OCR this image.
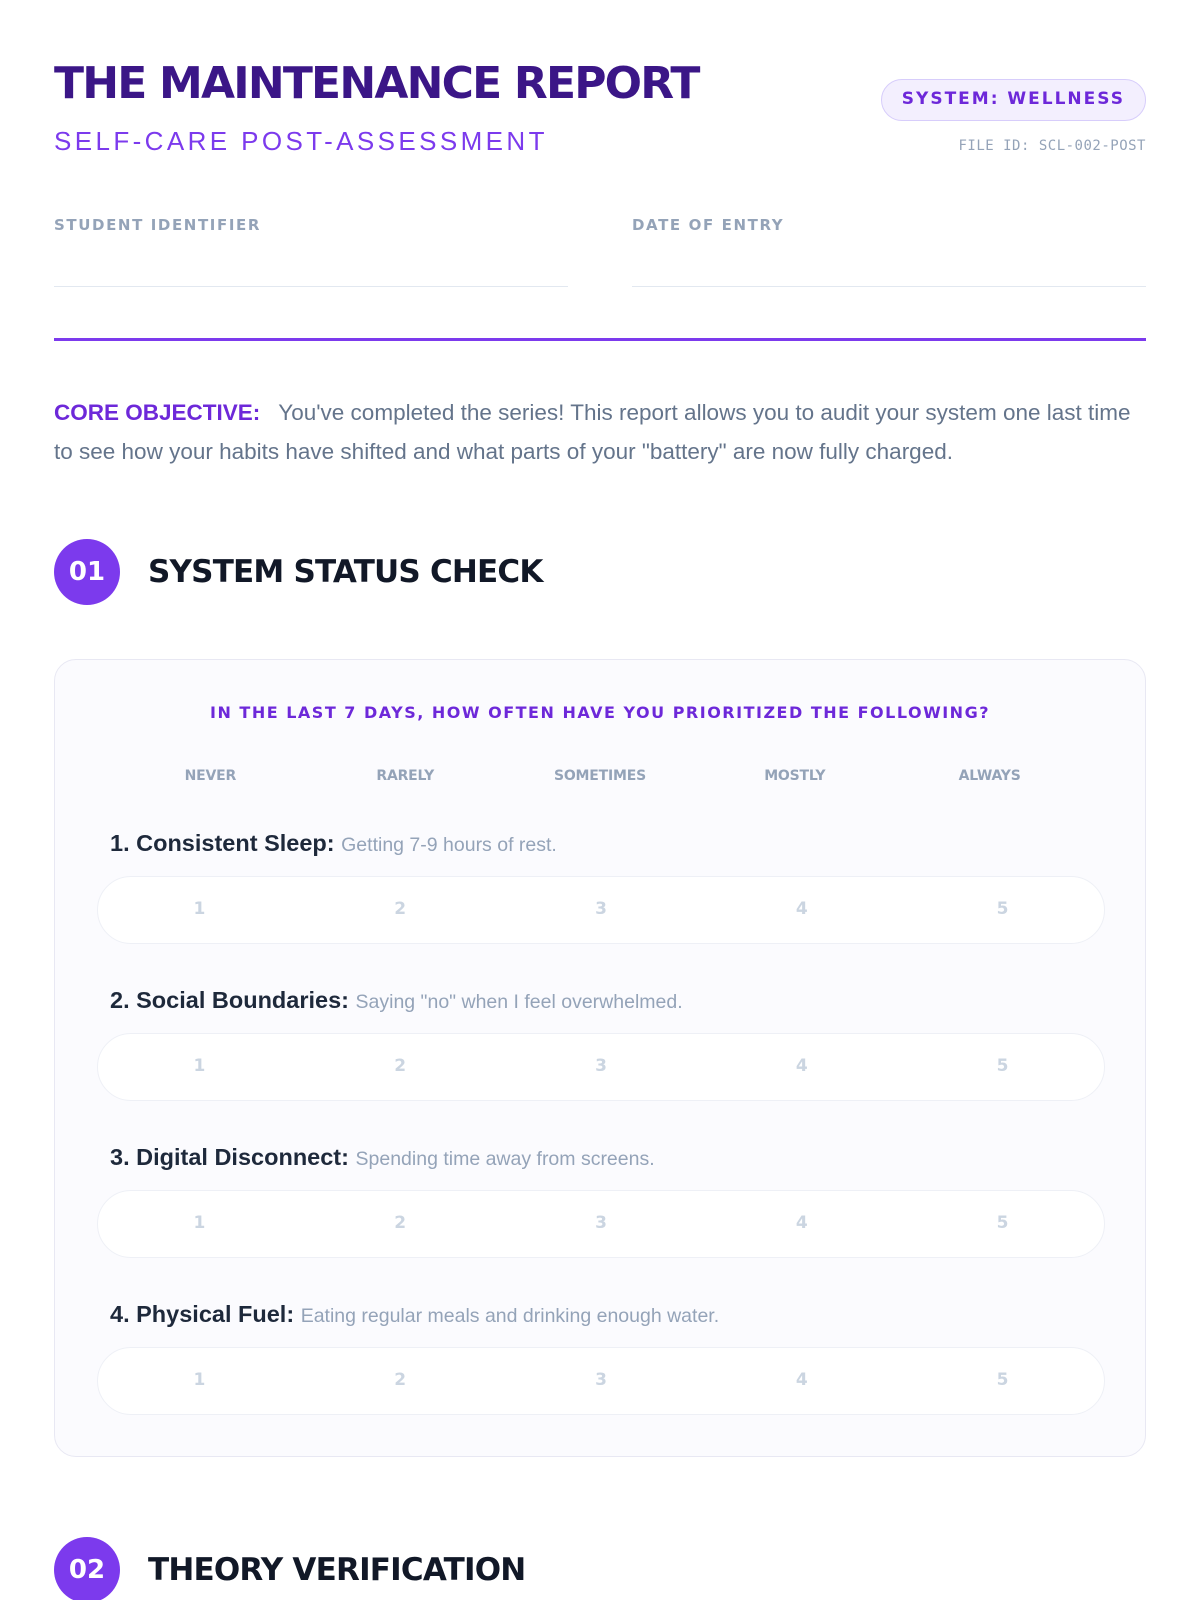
THE MAINTENANCE REPORT
SELF-CARE POST-ASSESSMENT
SYSTEM: WELLNESS
FILE ID: SCL-002-POST
STUDENT IDENTIFIER	DATE OF ENTRY

CORE OBJECTIVE: You've completed the series! This report allows you to audit your system one last time to see how your habits have shifted and what parts of your "battery" are now fully charged.

01	SYSTEM STATUS CHECK
IN THE LAST 7 DAYS, HOW OFTEN HAVE YOU PRIORITIZED THE FOLLOWING?
NEVER	RARELY	SOMETIMES	MOSTLY	ALWAYS
1. Consistent Sleep: Getting 7-9 hours of rest.
1	2	3	4	5
2. Social Boundaries: Saying "no" when I feel overwhelmed.
1	2	3	4	5
3. Digital Disconnect: Spending time away from screens.
1	2	3	4	5
4. Physical Fuel: Eating regular meals and drinking enough water.
1	2	3	4	5
02	THEORY VERIFICATION
